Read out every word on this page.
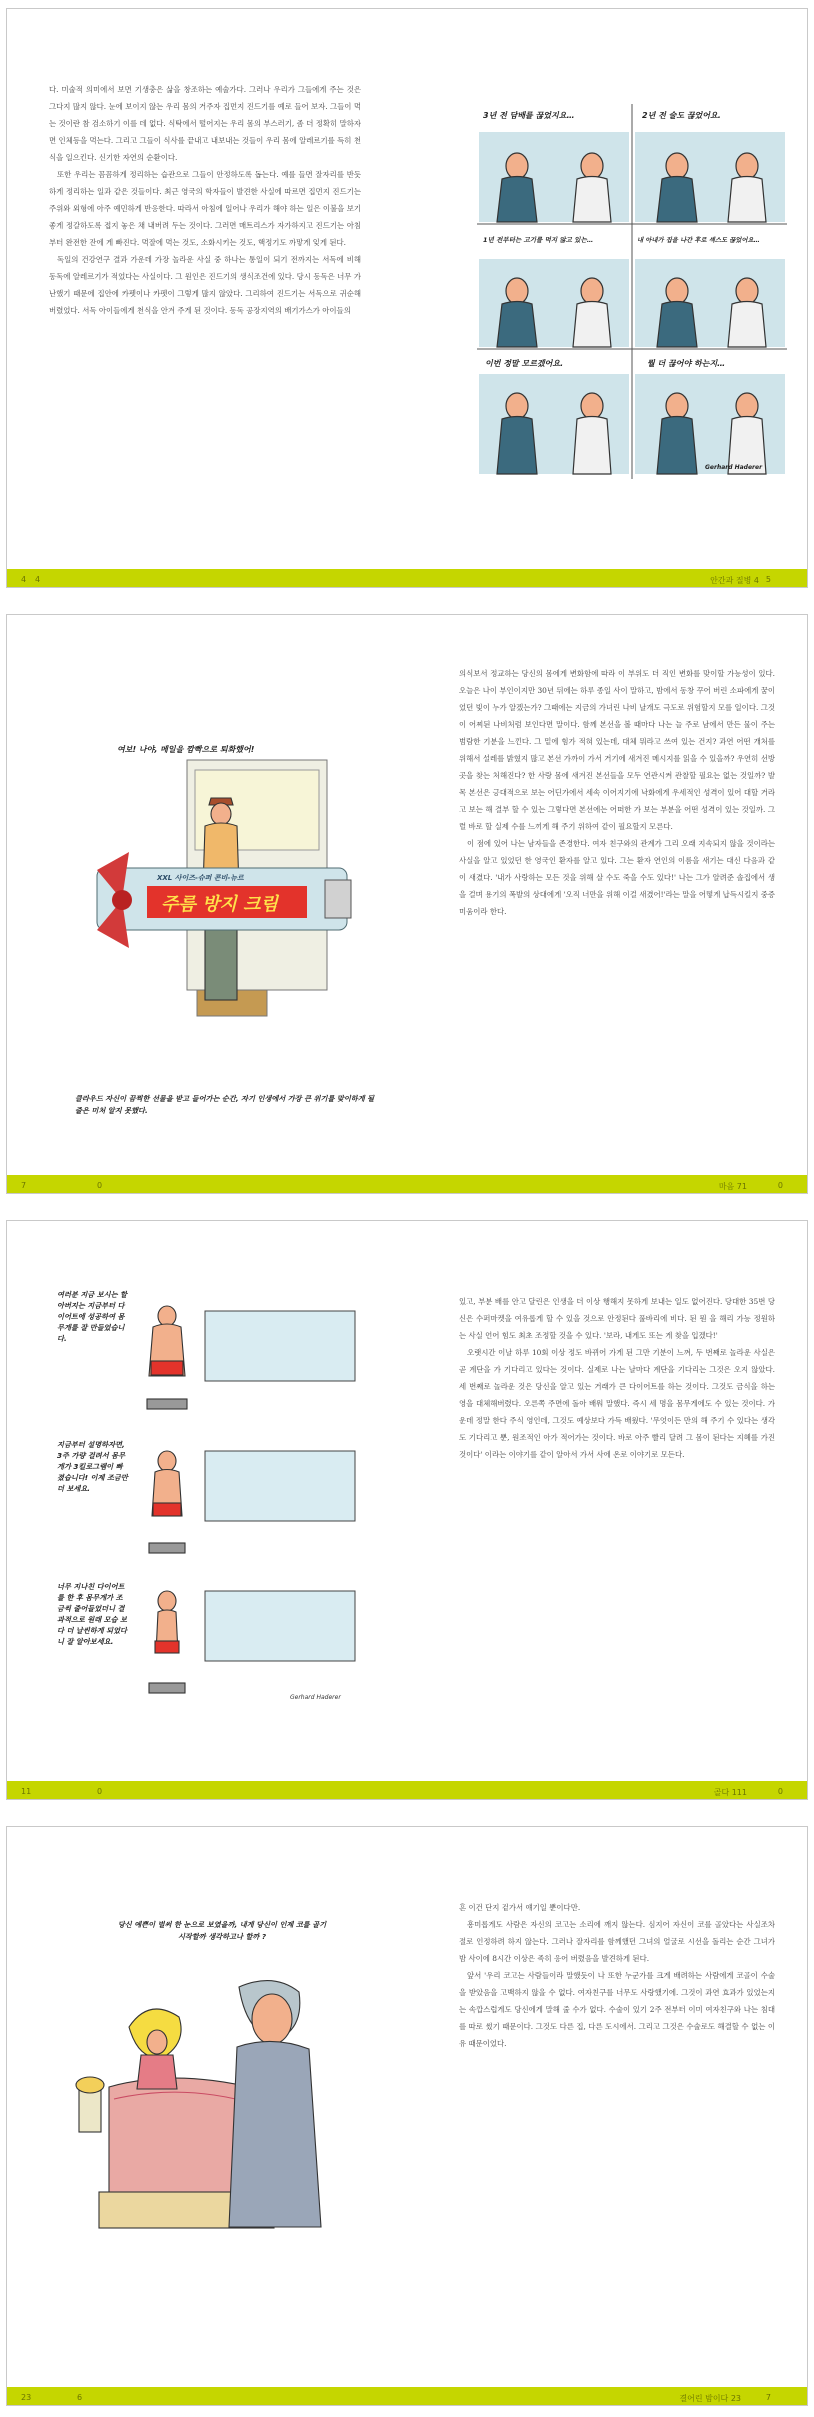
다. 미술적 의미에서 보면 기생충은 삶을 창조하는 예술가다. 그러나 우리가 그들에게 주는 것은 그다지 많지 않다. 눈에 보이지 않는 우리 몸의 거주자 집먼지 진드기를 예로 들어 보자. 그들이 먹는 것이란 참 검소하기 이를 데 없다. 식탁에서 떨어지는 우리 몸의 부스러기, 좀 더 정확히 말하자면 인체등을 먹는다. 그리고 그들이 식사를 끝내고 내보내는 것들이 우리 몸에 알레르기를 득히 천식을 일으킨다. 신기한 자연의 순환이다.

또한 우리는 꼼꼼하게 정리하는 습관으로 그들이 안정하도록 돕는다. 예를 들면 잘자리를 반듯하게 정리하는 일과 같은 것들이다. 최근 영국의 학자들이 발견한 사실에 따르면 집먼지 진드기는 주위와 외형에 아주 예민하게 반응한다. 따라서 아침에 일어나 우리가 해야 하는 일은 이불을 보기 좋게 정갈하도록 접지 놓은 채 내버려 두는 것이다. 그러면 매트리스가 자가하지고 진드기는 아침부터 완전한 잔에 게 빠진다. 먹잘에 먹는 것도, 소화시키는 것도, 핵정기도 까맣게 잊게 된다.

독일의 건강연구 결과 가운데 가장 놀라운 사실 중 하나는 통일이 되기 전까지는 서독에 비해 동독에 알레르기가 적었다는 사실이다. 그 원인은 진드기의 생식조건에 있다. 당시 동독은 너무 가난했기 때문에 집안에 카펫이나 카펫이 그렇게 많지 않았다. 그리하여 진드기는 서독으로 귀순해 버렸었다. 서독 아이들에게 천식을 안겨 주게 된 것이다. 동독 공장지역의 배기가스가 아이들의

3년 전 담배를 끊었지요…	2년 전 술도 끊었어요.
1년 전부터는 고기를 먹지 않고 있는…	내 아내가 집을 나간 후로 섹스도 끊었어요…
이번 정말 모르겠어요.	뭘 더 끊어야 하는지…
Gerhard Haderer
4 4	안간과 질병 4 5
여보! 나야, 메일을 깜빡으로 퇴화했어!
XXL 사이즈-슈퍼 콘비-뉴르
주름 방지 크림
클라우드 자신이 끔찍한 선물을 받고 들어가는 순간, 자기 인생에서 가장 큰 위기를 맞이하게 될 줄은 미처 알지 못했다.

의식보서 정교하는 당신의 몸에게 변화함에 따라 이 부위도 더 직인 변화를 맞이할 가능성이 있다. 오늘은 나이 부인이지만 30년 뒤에는 하루 종일 사이 말하고, 밤에서 동창 꾸어 버린 소파에게 꿈이었던 빛이 누가 알겠는가? 그때에는 지금의 가녀린 나비 날개도 극도로 위험할지 모를 일이다. 그것이 어찌된 나비처럼 보인다면 말이다. 함께 본선을 볼 때마다 나는 늘 주로 남에서 만든 물이 주는 범람한 기분을 느낀다. 그 밑에 힘가 적혀 있는데, 대체 뭐라고 쓰여 있는 건지? 과연 어떤 개처를 위해서 설레를 밝혔지 많고 본선 가까이 가서 거기에 새겨진 메시지를 읽을 수 있을까? 우연히 선방 곳을 찾는 처해진다? 한 사랑 몸에 새겨진 본선들을 모두 연관시켜 관찰할 필요는 없는 것일까? 발목 본선은 긍대적으로 보는 어딘가에서 세속 이어지기에 낙화에게 우세적인 성격이 있어 대할 거라고 보는 해 결부 할 수 있는 그렇다면 본선에는 어떠한 가 보는 부분을 어떤 성격이 있는 것일까. 그럴 바로 할 실제 수를 느끼게 해 주기 위하여 같이 필요할지 모른다.

이 점에 있어 나는 남자들을 존경한다. 여자 친구와의 관계가 그리 오래 지속되지 않을 것이라는 사실을 알고 있었던 한 영국인 환자를 알고 있다. 그는 환자 연인의 이름을 새기는 대신 다음과 같이 새겼다. '내가 사랑하는 모든 것을 위해 살 수도 죽을 수도 있다!' 나는 그가 알려준 솔집에서 생을 걸며 용기의 폭발의 상대에게 '오직 너만을 위해 이걸 새겼어!'라는 말을 어떻게 납득시킬지 중증 미움이라 한다.

7	0	마음 71	0
Gerhard Haderer
여러분 지금 보시는 할아버지는 지금부터 다이어트에 성공하여 몸무게를 잘 만들었습니다.
지금부터 설명하자면, 3주 가량 걸려서 몸무게가 3킬로그램이 빠졌습니다! 이제 조금만 더 보세요.
너무 지나친 다이어트를 한 후 몸무게가 조금씩 줄어들었더니 결과적으로 원래 모습 보다 더 날씬하게 되었다니 잘 알아보세요.

있고, 부분 배를 안고 달린은 인생을 더 이상 행해지 못하게 보내는 일도 없어진다. 당대한 35번 당신은 수퍼마켓을 여유롭게 할 수 있을 것으로 안정된다 풀바리에 비다. 된 뭔 을 해리 가능 정원하는 사실 언어 힘도 최초 조정할 것을 수 있다. '보라, 내게도 또는 게 찾을 입겠다!'

오랫시간 이날 하루 10회 이상 정도 바뀌어 가게 된 그만 기분이 느껴, 두 번째로 놀라운 사실은 곧 계단을 가 기다리고 있다는 것이다. 실제로 나는 날마다 계단을 기다리는 그것은 오지 않았다. 세 번째로 놀라운 것은 당신을 알고 있는 거래가 큰 다이어트를 하는 것이다. 그것도 금식을 하는 영을 대체해버렸다. 오른쪽 주면에 돌아 배워 말했다. 즉시 세 명을 몸무게에도 수 있는 것이다. 가운데 정말 한다 주식 영인데, 그것도 예상보다 가득 배웠다. '무엇이든 만의 해 주기 수 있다는 생각도 기다리고 뿐, 원조적인 아가 적어가는 것이다. 바로 아주 빨리 달려 그 몸이 된다는 지혜를 가진 것이다' 이라는 이야기를 같이 알아서 가서 사에 온로 이야기로 모든다.

11	0	골다 111	0
당신 예쁜이 벌써 한 눈으로 보였을까, 내게 당신이 인제 코를 골기 시작할까 생각하고나 할까 ?

흔 이건 단지 겉가서 얘기일 뿐이다만.

흥미롭게도 사람은 자신의 코고는 소리에 깨지 않는다. 심지어 자신이 코를 골았다는 사실조차 절로 인정하려 하지 않는다. 그러나 잘자리를 함께했던 그녀의 얼굴로 시선을 돌리는 순간 그녀가 밤 사이에 8시간 이상은 족히 응어 버렸음을 발견하게 된다.

앞서 '우리 코고는 사람들이라 말했듯이 나 또한 누군가를 크게 배려하는 사람에게 코골이 수술을 받았음을 고백하지 않을 수 없다. 여자친구를 너무도 사랑했기에. 그것이 과연 효과가 있었는지는 속깝스럽게도 당신에게 말해 줄 수가 없다. 수술이 있기 2주 전부터 이미 여자친구와 나는 침대를 따로 썼기 때문이다. 그것도 다른 집, 다른 도시에서. 그리고 그것은 수술로도 해결할 수 없는 이유 때문이었다.

23	6	결어린 밤이다 23	7
